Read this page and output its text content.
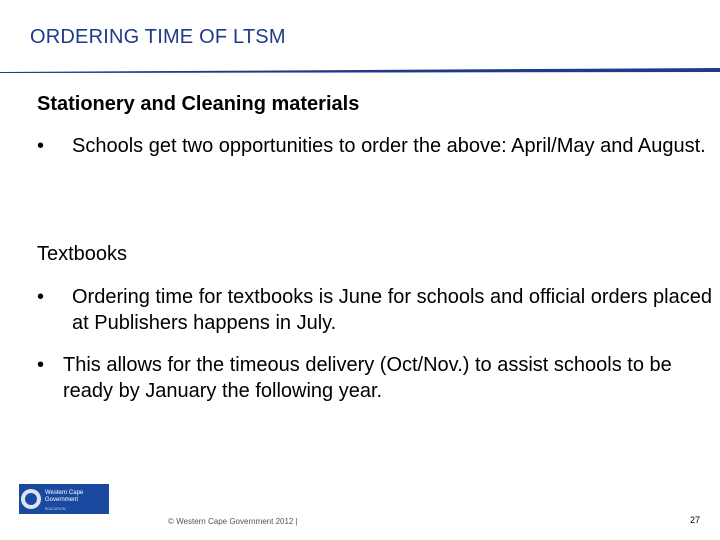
ORDERING TIME OF LTSM
Stationery and Cleaning materials
• Schools get two opportunities to order the above: April/May and August.
Textbooks
• Ordering time for textbooks is June for schools and official orders placed at Publishers happens in July.
• This allows for the timeous delivery (Oct/Nov.) to assist schools to be ready by January the following year.
Western Cape
Government
EDUCATION
© Western Cape Government 2012 |	27
